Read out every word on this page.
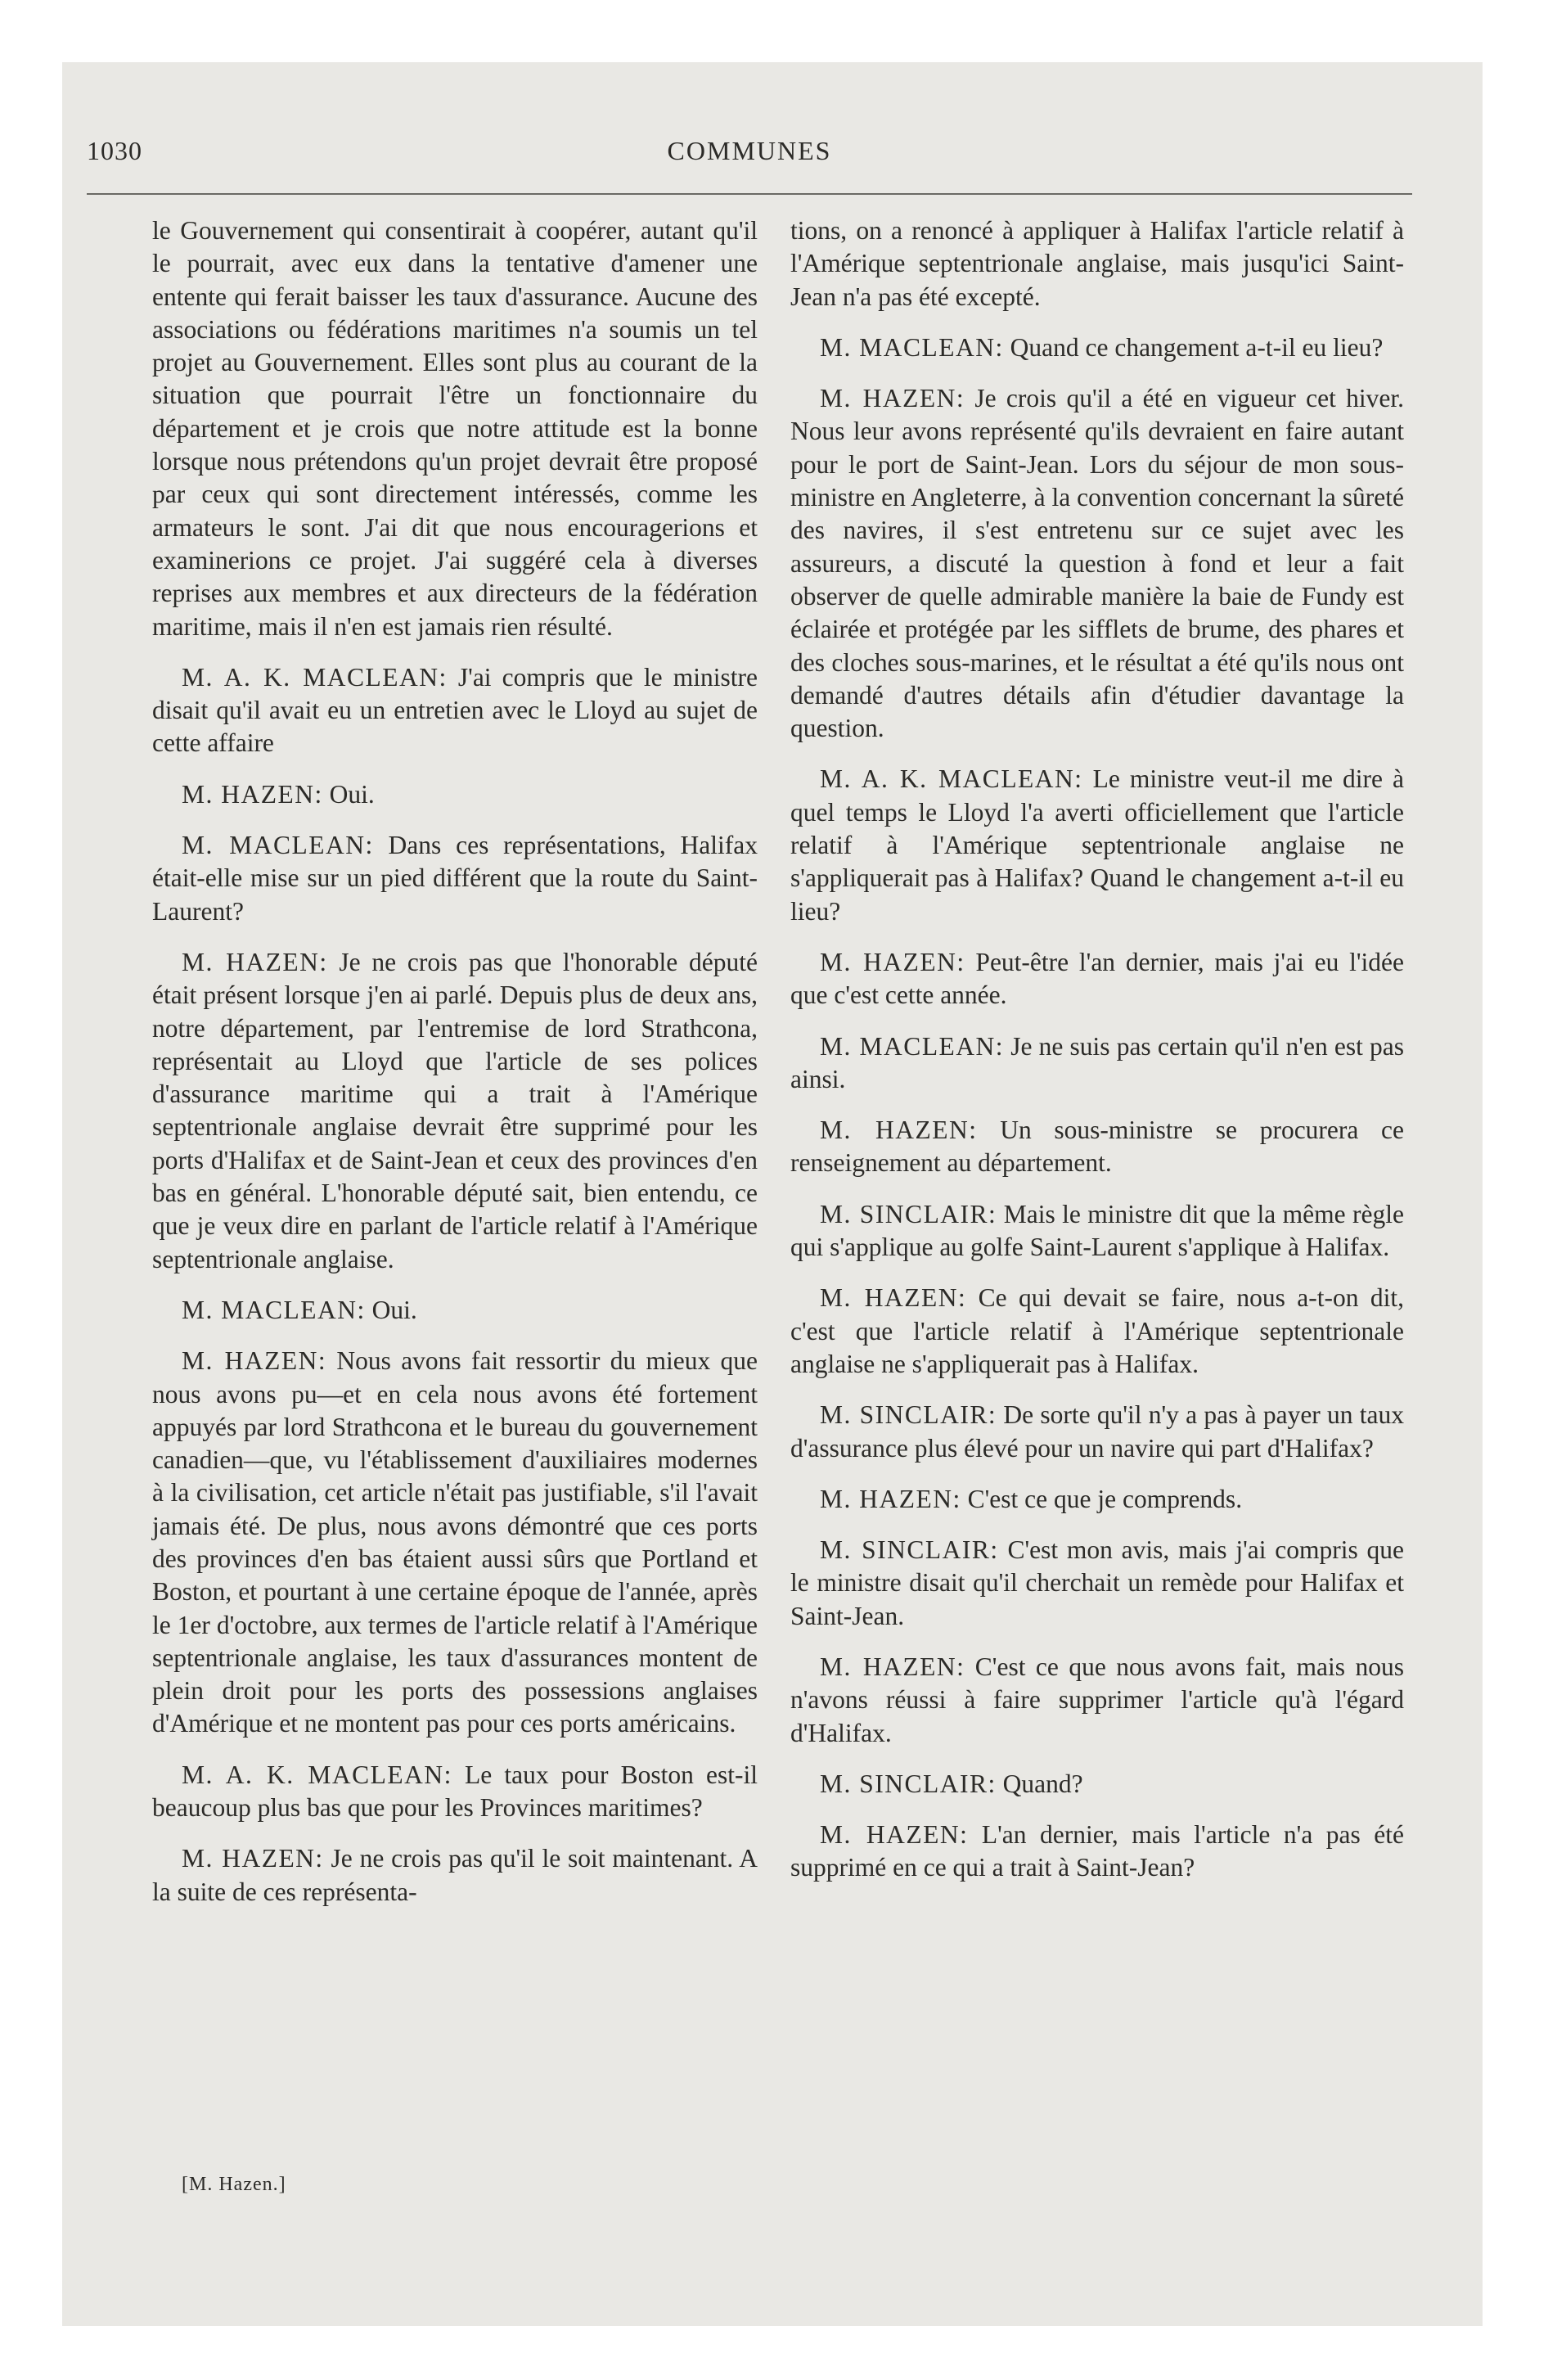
1030	COMMUNES

le Gouvernement qui consentirait à coopérer, autant qu'il le pourrait, avec eux dans la tentative d'amener une entente qui ferait baisser les taux d'assurance. Aucune des associations ou fédérations maritimes n'a soumis un tel projet au Gouvernement. Elles sont plus au courant de la situation que pourrait l'être un fonctionnaire du département et je crois que notre attitude est la bonne lorsque nous prétendons qu'un projet devrait être proposé par ceux qui sont directement intéressés, comme les armateurs le sont. J'ai dit que nous encouragerions et examinerions ce projet. J'ai suggéré cela à diverses reprises aux membres et aux directeurs de la fédération maritime, mais il n'en est jamais rien résulté.

M. A. K. MACLEAN: J'ai compris que le ministre disait qu'il avait eu un entretien avec le Lloyd au sujet de cette affaire

M. HAZEN: Oui.

M. MACLEAN: Dans ces représentations, Halifax était-elle mise sur un pied différent que la route du Saint-Laurent?

M. HAZEN: Je ne crois pas que l'honorable député était présent lorsque j'en ai parlé. Depuis plus de deux ans, notre département, par l'entremise de lord Strathcona, représentait au Lloyd que l'article de ses polices d'assurance maritime qui a trait à l'Amérique septentrionale anglaise devrait être supprimé pour les ports d'Halifax et de Saint-Jean et ceux des provinces d'en bas en général. L'honorable député sait, bien entendu, ce que je veux dire en parlant de l'article relatif à l'Amérique septentrionale anglaise.

M. MACLEAN: Oui.

M. HAZEN: Nous avons fait ressortir du mieux que nous avons pu—et en cela nous avons été fortement appuyés par lord Strathcona et le bureau du gouvernement canadien—que, vu l'établissement d'auxiliaires modernes à la civilisation, cet article n'était pas justifiable, s'il l'avait jamais été. De plus, nous avons démontré que ces ports des provinces d'en bas étaient aussi sûrs que Portland et Boston, et pourtant à une certaine époque de l'année, après le 1er d'octobre, aux termes de l'article relatif à l'Amérique septentrionale anglaise, les taux d'assurances montent de plein droit pour les ports des possessions anglaises d'Amérique et ne montent pas pour ces ports américains.

M. A. K. MACLEAN: Le taux pour Boston est-il beaucoup plus bas que pour les Provinces maritimes?

M. HAZEN: Je ne crois pas qu'il le soit maintenant. A la suite de ces représenta-

tions, on a renoncé à appliquer à Halifax l'article relatif à l'Amérique septentrionale anglaise, mais jusqu'ici Saint-Jean n'a pas été excepté.

M. MACLEAN: Quand ce changement a-t-il eu lieu?

M. HAZEN: Je crois qu'il a été en vigueur cet hiver. Nous leur avons représenté qu'ils devraient en faire autant pour le port de Saint-Jean. Lors du séjour de mon sous-ministre en Angleterre, à la convention concernant la sûreté des navires, il s'est entretenu sur ce sujet avec les assureurs, a discuté la question à fond et leur a fait observer de quelle admirable manière la baie de Fundy est éclairée et protégée par les sifflets de brume, des phares et des cloches sous-marines, et le résultat a été qu'ils nous ont demandé d'autres détails afin d'étudier davantage la question.

M. A. K. MACLEAN: Le ministre veut-il me dire à quel temps le Lloyd l'a averti officiellement que l'article relatif à l'Amérique septentrionale anglaise ne s'appliquerait pas à Halifax? Quand le changement a-t-il eu lieu?

M. HAZEN: Peut-être l'an dernier, mais j'ai eu l'idée que c'est cette année.

M. MACLEAN: Je ne suis pas certain qu'il n'en est pas ainsi.

M. HAZEN: Un sous-ministre se procurera ce renseignement au département.

M. SINCLAIR: Mais le ministre dit que la même règle qui s'applique au golfe Saint-Laurent s'applique à Halifax.

M. HAZEN: Ce qui devait se faire, nous a-t-on dit, c'est que l'article relatif à l'Amérique septentrionale anglaise ne s'appliquerait pas à Halifax.

M. SINCLAIR: De sorte qu'il n'y a pas à payer un taux d'assurance plus élevé pour un navire qui part d'Halifax?

M. HAZEN: C'est ce que je comprends.

M. SINCLAIR: C'est mon avis, mais j'ai compris que le ministre disait qu'il cherchait un remède pour Halifax et Saint-Jean.

M. HAZEN: C'est ce que nous avons fait, mais nous n'avons réussi à faire supprimer l'article qu'à l'égard d'Halifax.

M. SINCLAIR: Quand?

M. HAZEN: L'an dernier, mais l'article n'a pas été supprimé en ce qui a trait à Saint-Jean?

[M. Hazen.]
